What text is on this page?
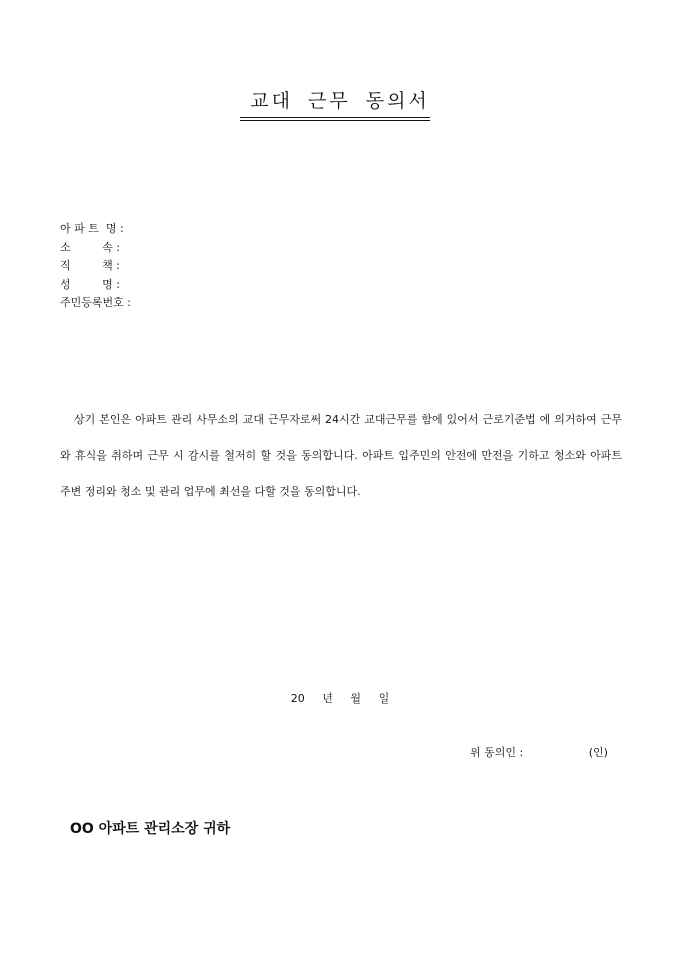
교대 근무 동의서
아 파 트  명 :
소         속 :
직         책 :
성         명 :
주민등록번호 :
상기 본인은 아파트 관리 사무소의 교대 근무자로써 24시간 교대근무를 함에 있어서 근로기준법 에 의거하여 근무와 휴식을 취하며 근무 시 감시를 철저히 할 것을 동의합니다. 아파트 입주민의 안전에 만전을 기하고 청소와 아파트 주변 정리와 청소 및 관리 업무에 최선을 다할 것을 동의합니다.
20 년 월 일
위 동의인 :	(인)
OO 아파트 관리소장 귀하
